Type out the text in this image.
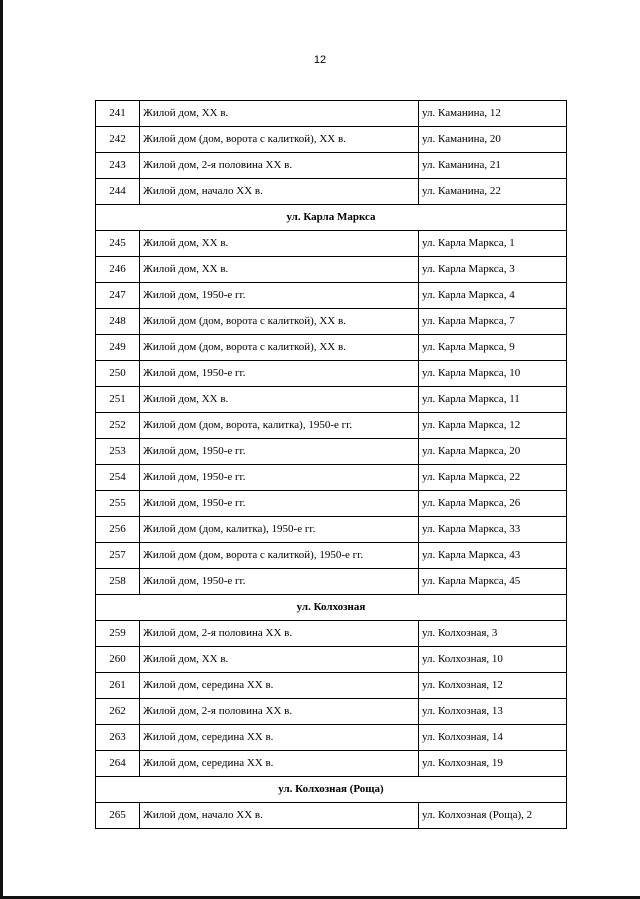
12
241	Жилой дом, XX в.	ул. Каманина, 12
242	Жилой дом (дом, ворота с калиткой), XX в.	ул. Каманина, 20
243	Жилой дом, 2-я половина XX в.	ул. Каманина, 21
244	Жилой дом, начало XX в.	ул. Каманина, 22
ул. Карла Маркса		
245	Жилой дом, XX в.	ул. Карла Маркса, 1
246	Жилой дом, XX в.	ул. Карла Маркса, 3
247	Жилой дом, 1950-е гг.	ул. Карла Маркса, 4
248	Жилой дом (дом, ворота с калиткой), XX в.	ул. Карла Маркса, 7
249	Жилой дом (дом, ворота с калиткой), XX в.	ул. Карла Маркса, 9
250	Жилой дом, 1950-е гг.	ул. Карла Маркса, 10
251	Жилой дом, XX в.	ул. Карла Маркса, 11
252	Жилой дом (дом, ворота, калитка), 1950-е гг.	ул. Карла Маркса, 12
253	Жилой дом, 1950-е гг.	ул. Карла Маркса, 20
254	Жилой дом, 1950-е гг.	ул. Карла Маркса, 22
255	Жилой дом, 1950-е гг.	ул. Карла Маркса, 26
256	Жилой дом (дом, калитка), 1950-е гг.	ул. Карла Маркса, 33
257	Жилой дом (дом, ворота с калиткой), 1950-е гг.	ул. Карла Маркса, 43
258	Жилой дом, 1950-е гг.	ул. Карла Маркса, 45
ул. Колхозная		
259	Жилой дом, 2-я половина XX в.	ул. Колхозная, 3
260	Жилой дом, XX в.	ул. Колхозная, 10
261	Жилой дом, середина XX в.	ул. Колхозная, 12
262	Жилой дом, 2-я половина XX в.	ул. Колхозная, 13
263	Жилой дом, середина XX в.	ул. Колхозная, 14
264	Жилой дом, середина XX в.	ул. Колхозная, 19
ул. Колхозная (Роща)		
265	Жилой дом, начало XX в.	ул. Колхозная (Роща), 2
